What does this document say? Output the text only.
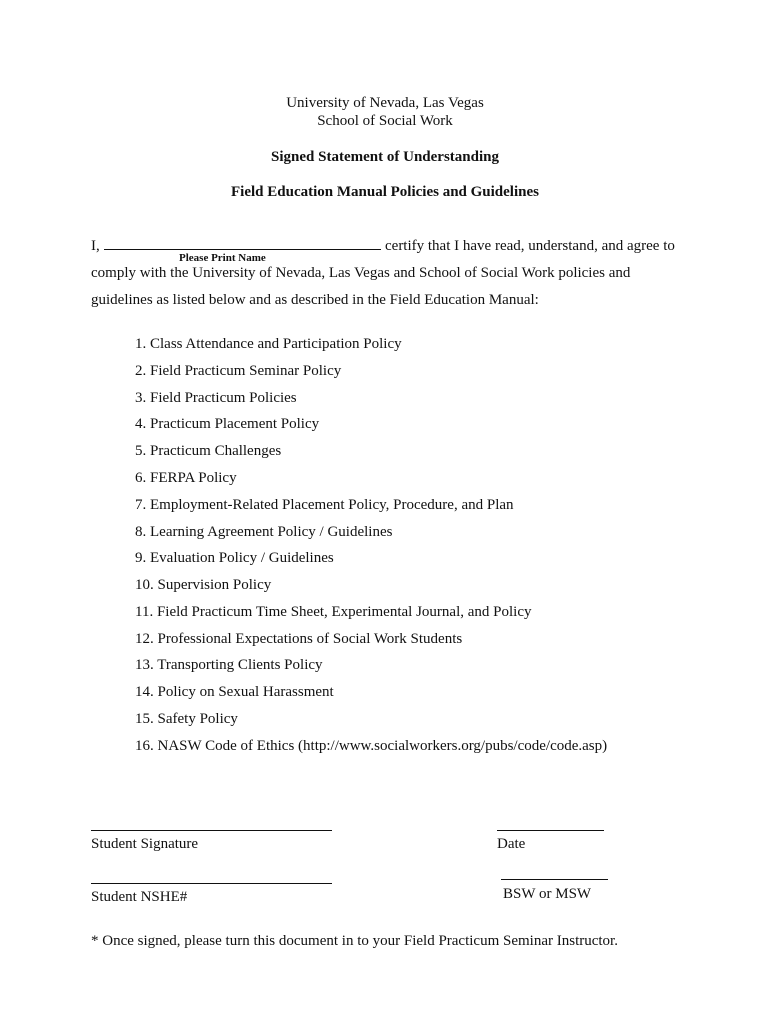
University of Nevada, Las Vegas
School of Social Work
Signed Statement of Understanding
Field Education Manual Policies and Guidelines
I,
Please Print Name
certify that I have read, understand, and agree to
comply with the University of Nevada, Las Vegas and School of Social Work policies and
guidelines as listed below and as described in the Field Education Manual:
1. Class Attendance and Participation Policy
2. Field Practicum Seminar Policy
3. Field Practicum Policies
4. Practicum Placement Policy
5. Practicum Challenges
6. FERPA Policy
7. Employment-Related Placement Policy, Procedure, and Plan
8. Learning Agreement Policy / Guidelines
9. Evaluation Policy / Guidelines
10. Supervision Policy
11. Field Practicum Time Sheet, Experimental Journal, and Policy
12. Professional Expectations of Social Work Students
13. Transporting Clients Policy
14. Policy on Sexual Harassment
15. Safety Policy
16. NASW Code of Ethics (http://www.socialworkers.org/pubs/code/code.asp)
Student Signature	Date
Student NSHE#	BSW or MSW
* Once signed, please turn this document in to your Field Practicum Seminar Instructor.
